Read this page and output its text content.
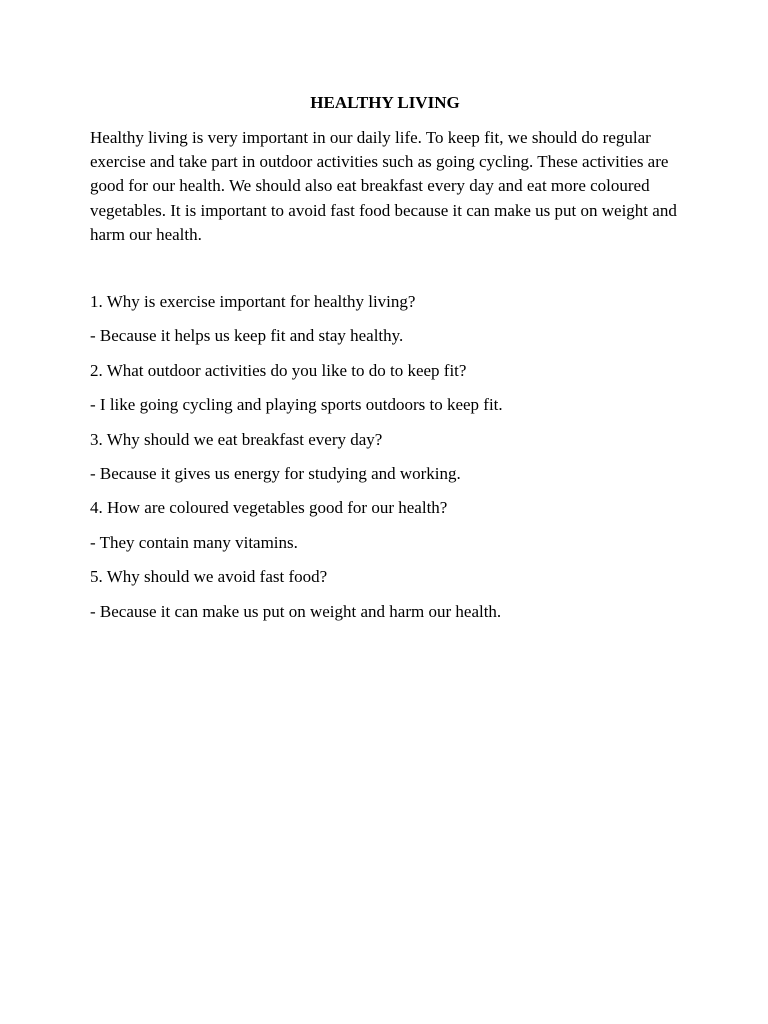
HEALTHY LIVING

Healthy living is very important in our daily life. To keep fit, we should do regular exercise and take part in outdoor activities such as going cycling. These activities are good for our health. We should also eat breakfast every day and eat more coloured vegetables. It is important to avoid fast food because it can make us put on weight and harm our health.

1. Why is exercise important for healthy living?
- Because it helps us keep fit and stay healthy.
2. What outdoor activities do you like to do to keep fit?
- I like going cycling and playing sports outdoors to keep fit.
3. Why should we eat breakfast every day?
- Because it gives us energy for studying and working.
4. How are coloured vegetables good for our health?
- They contain many vitamins.
5. Why should we avoid fast food?
- Because it can make us put on weight and harm our health.
